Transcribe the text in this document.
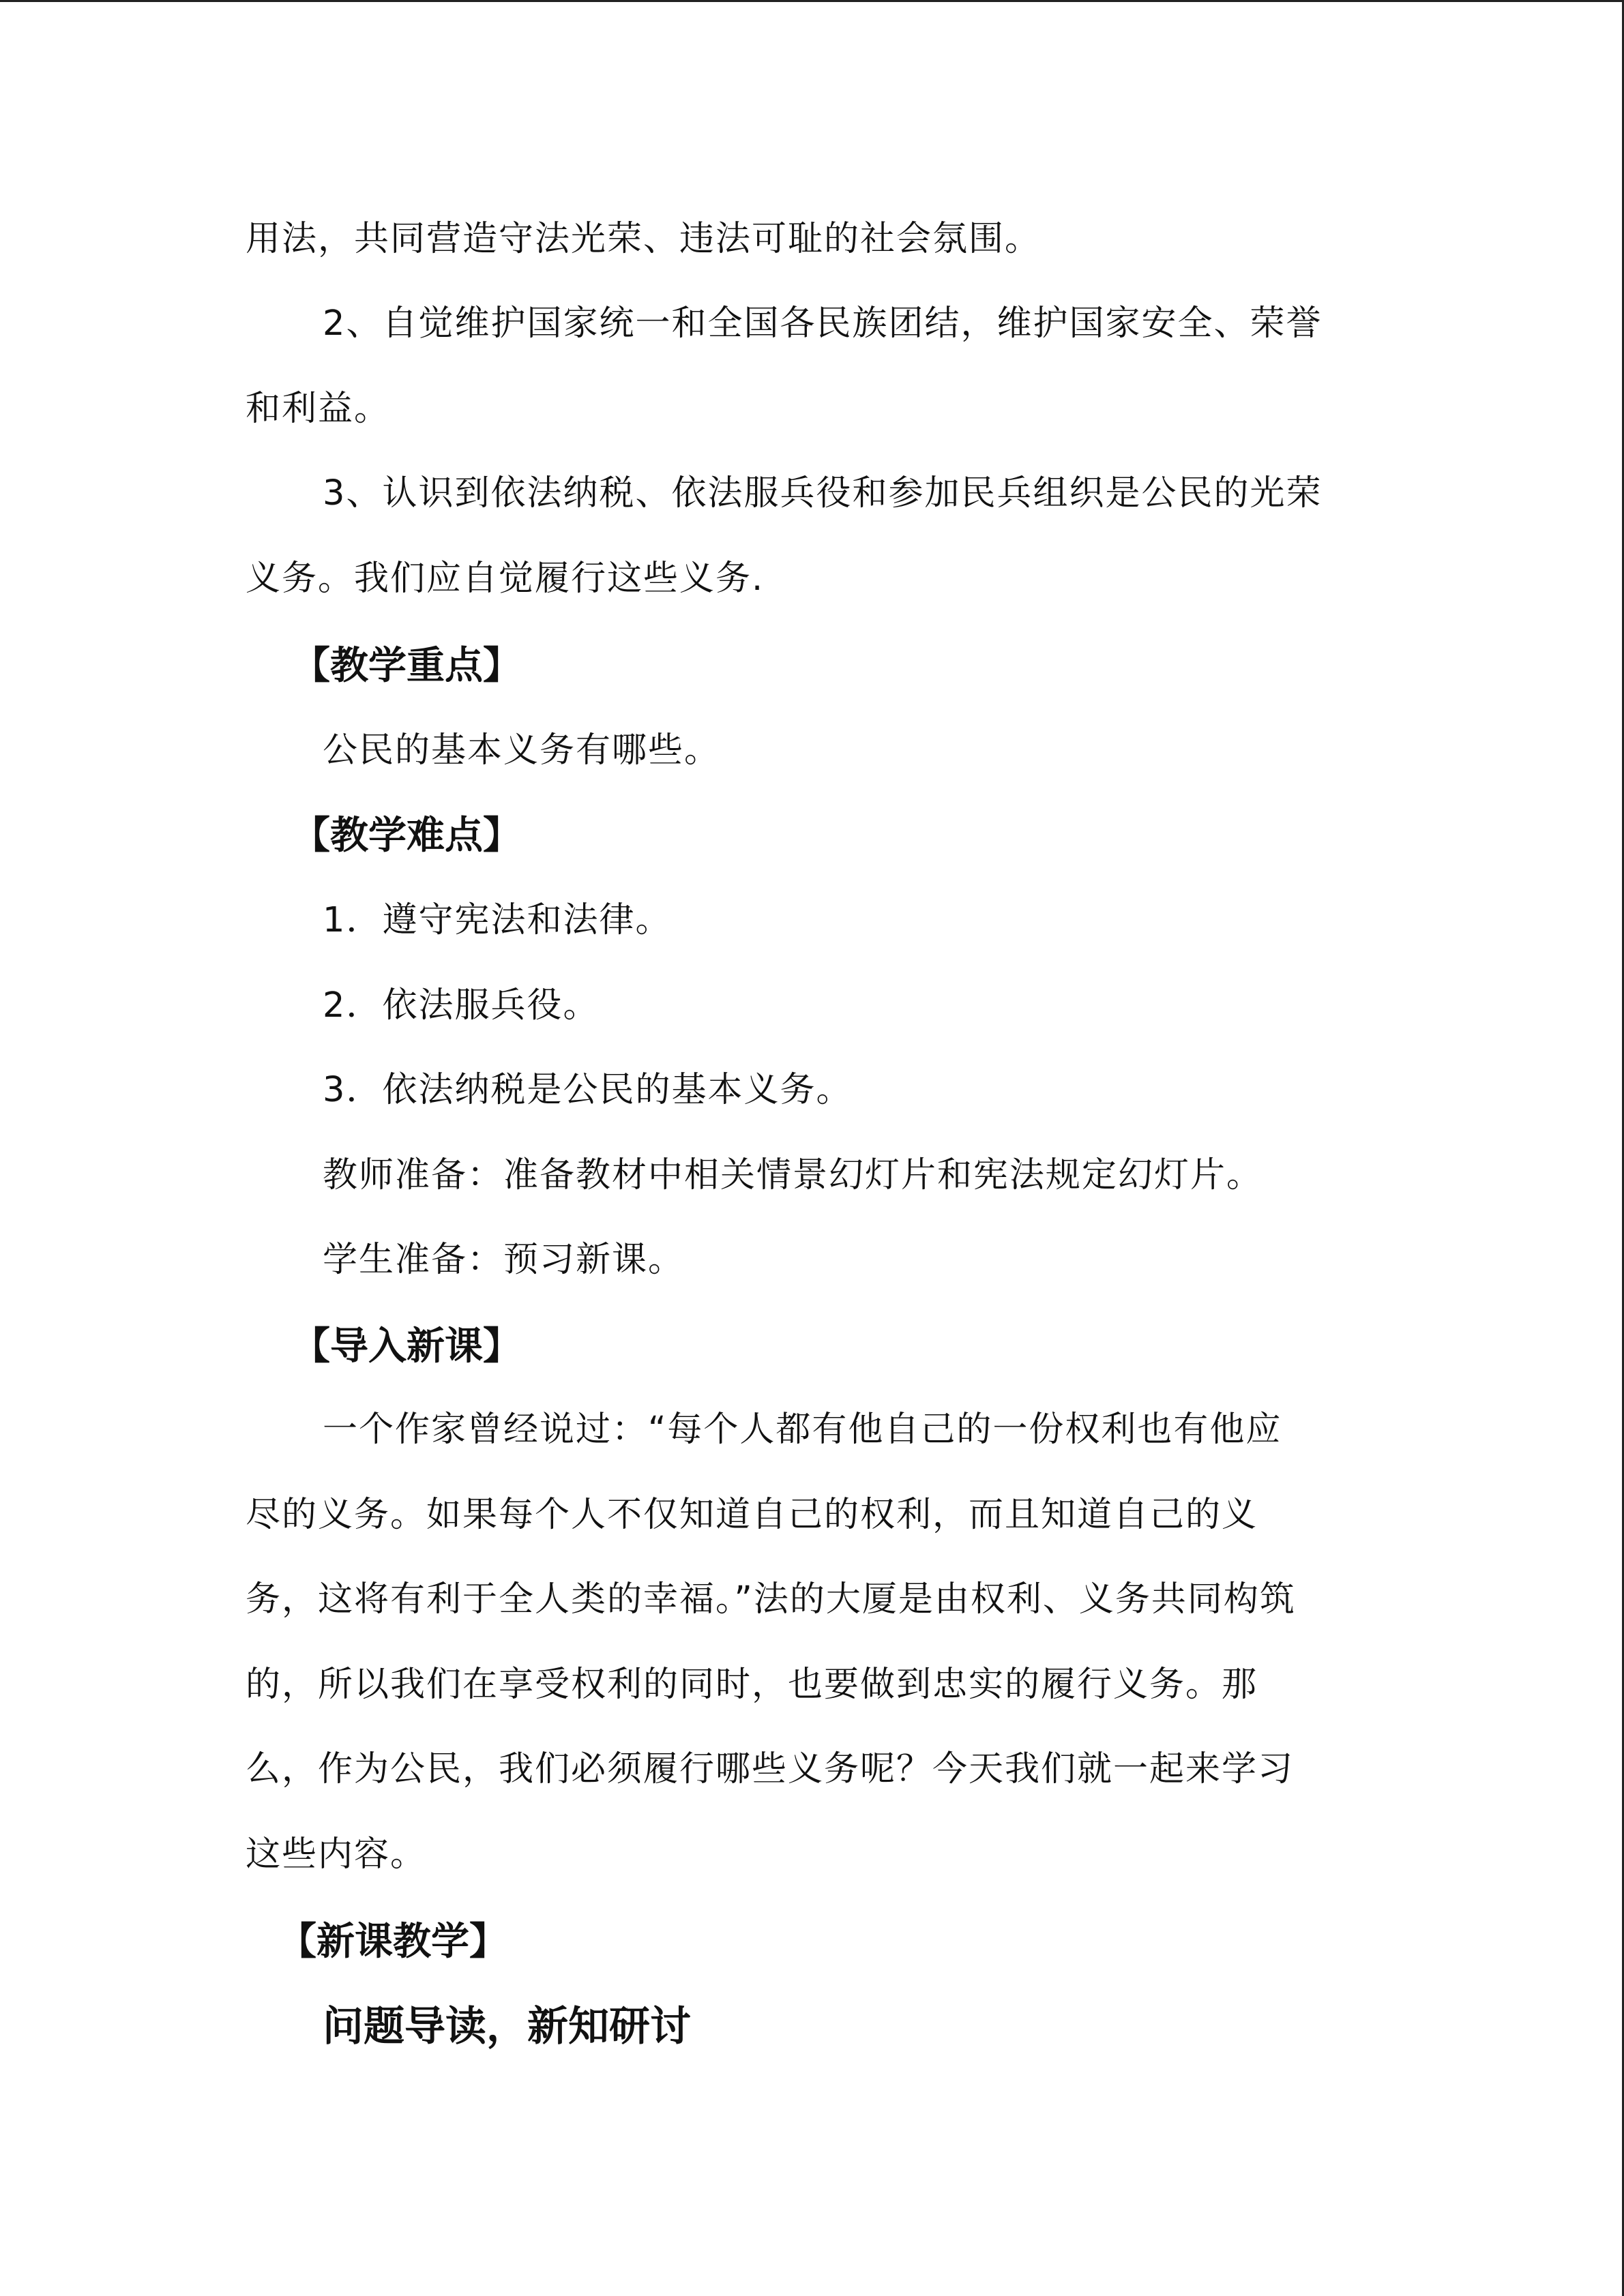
用法，共同营造守法光荣、违法可耻的社会氛围。
2、自觉维护国家统一和全国各民族团结，维护国家安全、荣誉
和利益。
3、认识到依法纳税、依法服兵役和参加民兵组织是公民的光荣
义务。我们应自觉履行这些义务.
【教学重点】
公民的基本义务有哪些。
【教学难点】
1．遵守宪法和法律。
2．依法服兵役。
3．依法纳税是公民的基本义务。
教师准备：准备教材中相关情景幻灯片和宪法规定幻灯片。
学生准备：预习新课。
【导入新课】
一个作家曾经说过：“每个人都有他自己的一份权利也有他应
尽的义务。如果每个人不仅知道自己的权利，而且知道自己的义
务，这将有利于全人类的幸福。”法的大厦是由权利、义务共同构筑
的，所以我们在享受权利的同时，也要做到忠实的履行义务。那
么，作为公民，我们必须履行哪些义务呢？今天我们就一起来学习
这些内容。
【新课教学】
问题导读，新知研讨
